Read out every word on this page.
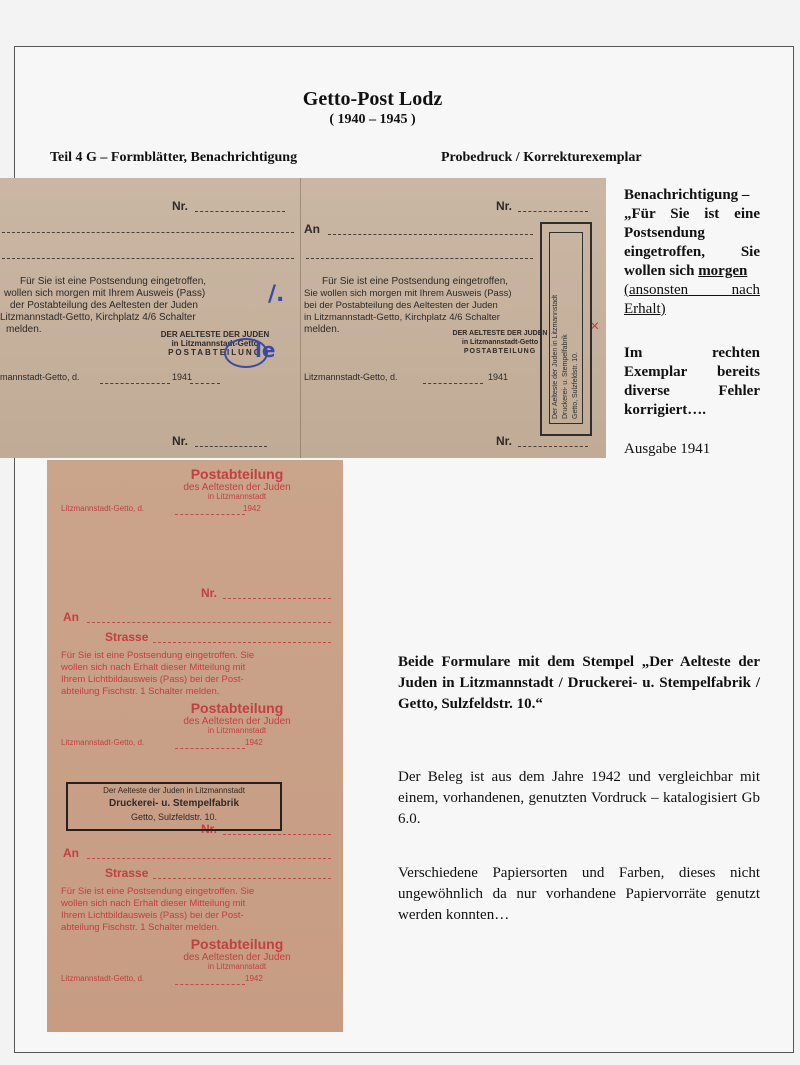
Getto-Post Lodz
( 1940 – 1945 )
Teil 4 G – Formblätter, Benachrichtigung	Probedruck / Korrekturexemplar
Nr.
Für Sie ist eine Postsendung eingetroffen,
wollen sich morgen mit Ihrem Ausweis (Pass)
der Postabteilung des Aeltesten der Juden
Litzmannstadt-Getto, Kirchplatz 4/6 Schalter
melden.	DER AELTESTE DER JUDEN
in Litzmannstadt-Getto
POSTABTEILUNG
mannstadt-Getto, d.	1941
Nr.
/.
le
Nr.
An
Für Sie ist eine Postsendung eingetroffen,
Sie wollen sich morgen mit Ihrem Ausweis (Pass)
bei der Postabteilung des Aeltesten der Juden
in Litzmannstadt-Getto, Kirchplatz 4/6 Schalter
melden.	DER AELTESTE DER JUDEN
in Litzmannstadt-Getto
POSTABTEILUNG
Litzmannstadt-Getto, d.	1941
Nr.
×
Der Aelteste der Juden in Litzmannstadt Druckerei- u. Stempelfabrik Getto, Sulzfeldstr. 10.
Postabteilung
des Aeltesten der Juden
in Litzmannstadt
Litzmannstadt-Getto, d.	1942
Nr.
An
Strasse
Für Sie ist eine Postsendung eingetroffen. Sie
wollen sich nach Erhalt dieser Mitteilung mit
Ihrem Lichtbildausweis (Pass) bei der Post-
abteilung Fischstr. 1 Schalter melden.
Postabteilung
des Aeltesten der Juden
in Litzmannstadt
Litzmannstadt-Getto, d.	1942
Nr.
An
Strasse
Für Sie ist eine Postsendung eingetroffen. Sie
wollen sich nach Erhalt dieser Mitteilung mit
Ihrem Lichtbildausweis (Pass) bei der Post-
abteilung Fischstr. 1 Schalter melden.
Postabteilung
des Aeltesten der Juden
in Litzmannstadt
Litzmannstadt-Getto, d.	1942
Der Aelteste der Juden in Litzmannstadt
Druckerei- u. Stempelfabrik
Getto, Sulzfeldstr. 10.
Benachrichtigung –
„Für Sie ist eine Postsendung eingetroffen, Sie wollen sich morgen
(ansonsten nach Erhalt)
Im rechten Exemplar bereits diverse Fehler korrigiert….
Ausgabe 1941
Beide Formulare mit dem Stempel „Der Aelteste der Juden in Litzmannstadt / Druckerei- u. Stempelfabrik / Getto, Sulzfeldstr. 10.“
Der Beleg ist aus dem Jahre 1942 und vergleichbar mit einem, vorhandenen, genutzten Vordruck – katalogisiert Gb 6.0.
Verschiedene Papiersorten und Farben, dieses nicht ungewöhnlich da nur vorhandene Papiervorräte genutzt werden konnten…
